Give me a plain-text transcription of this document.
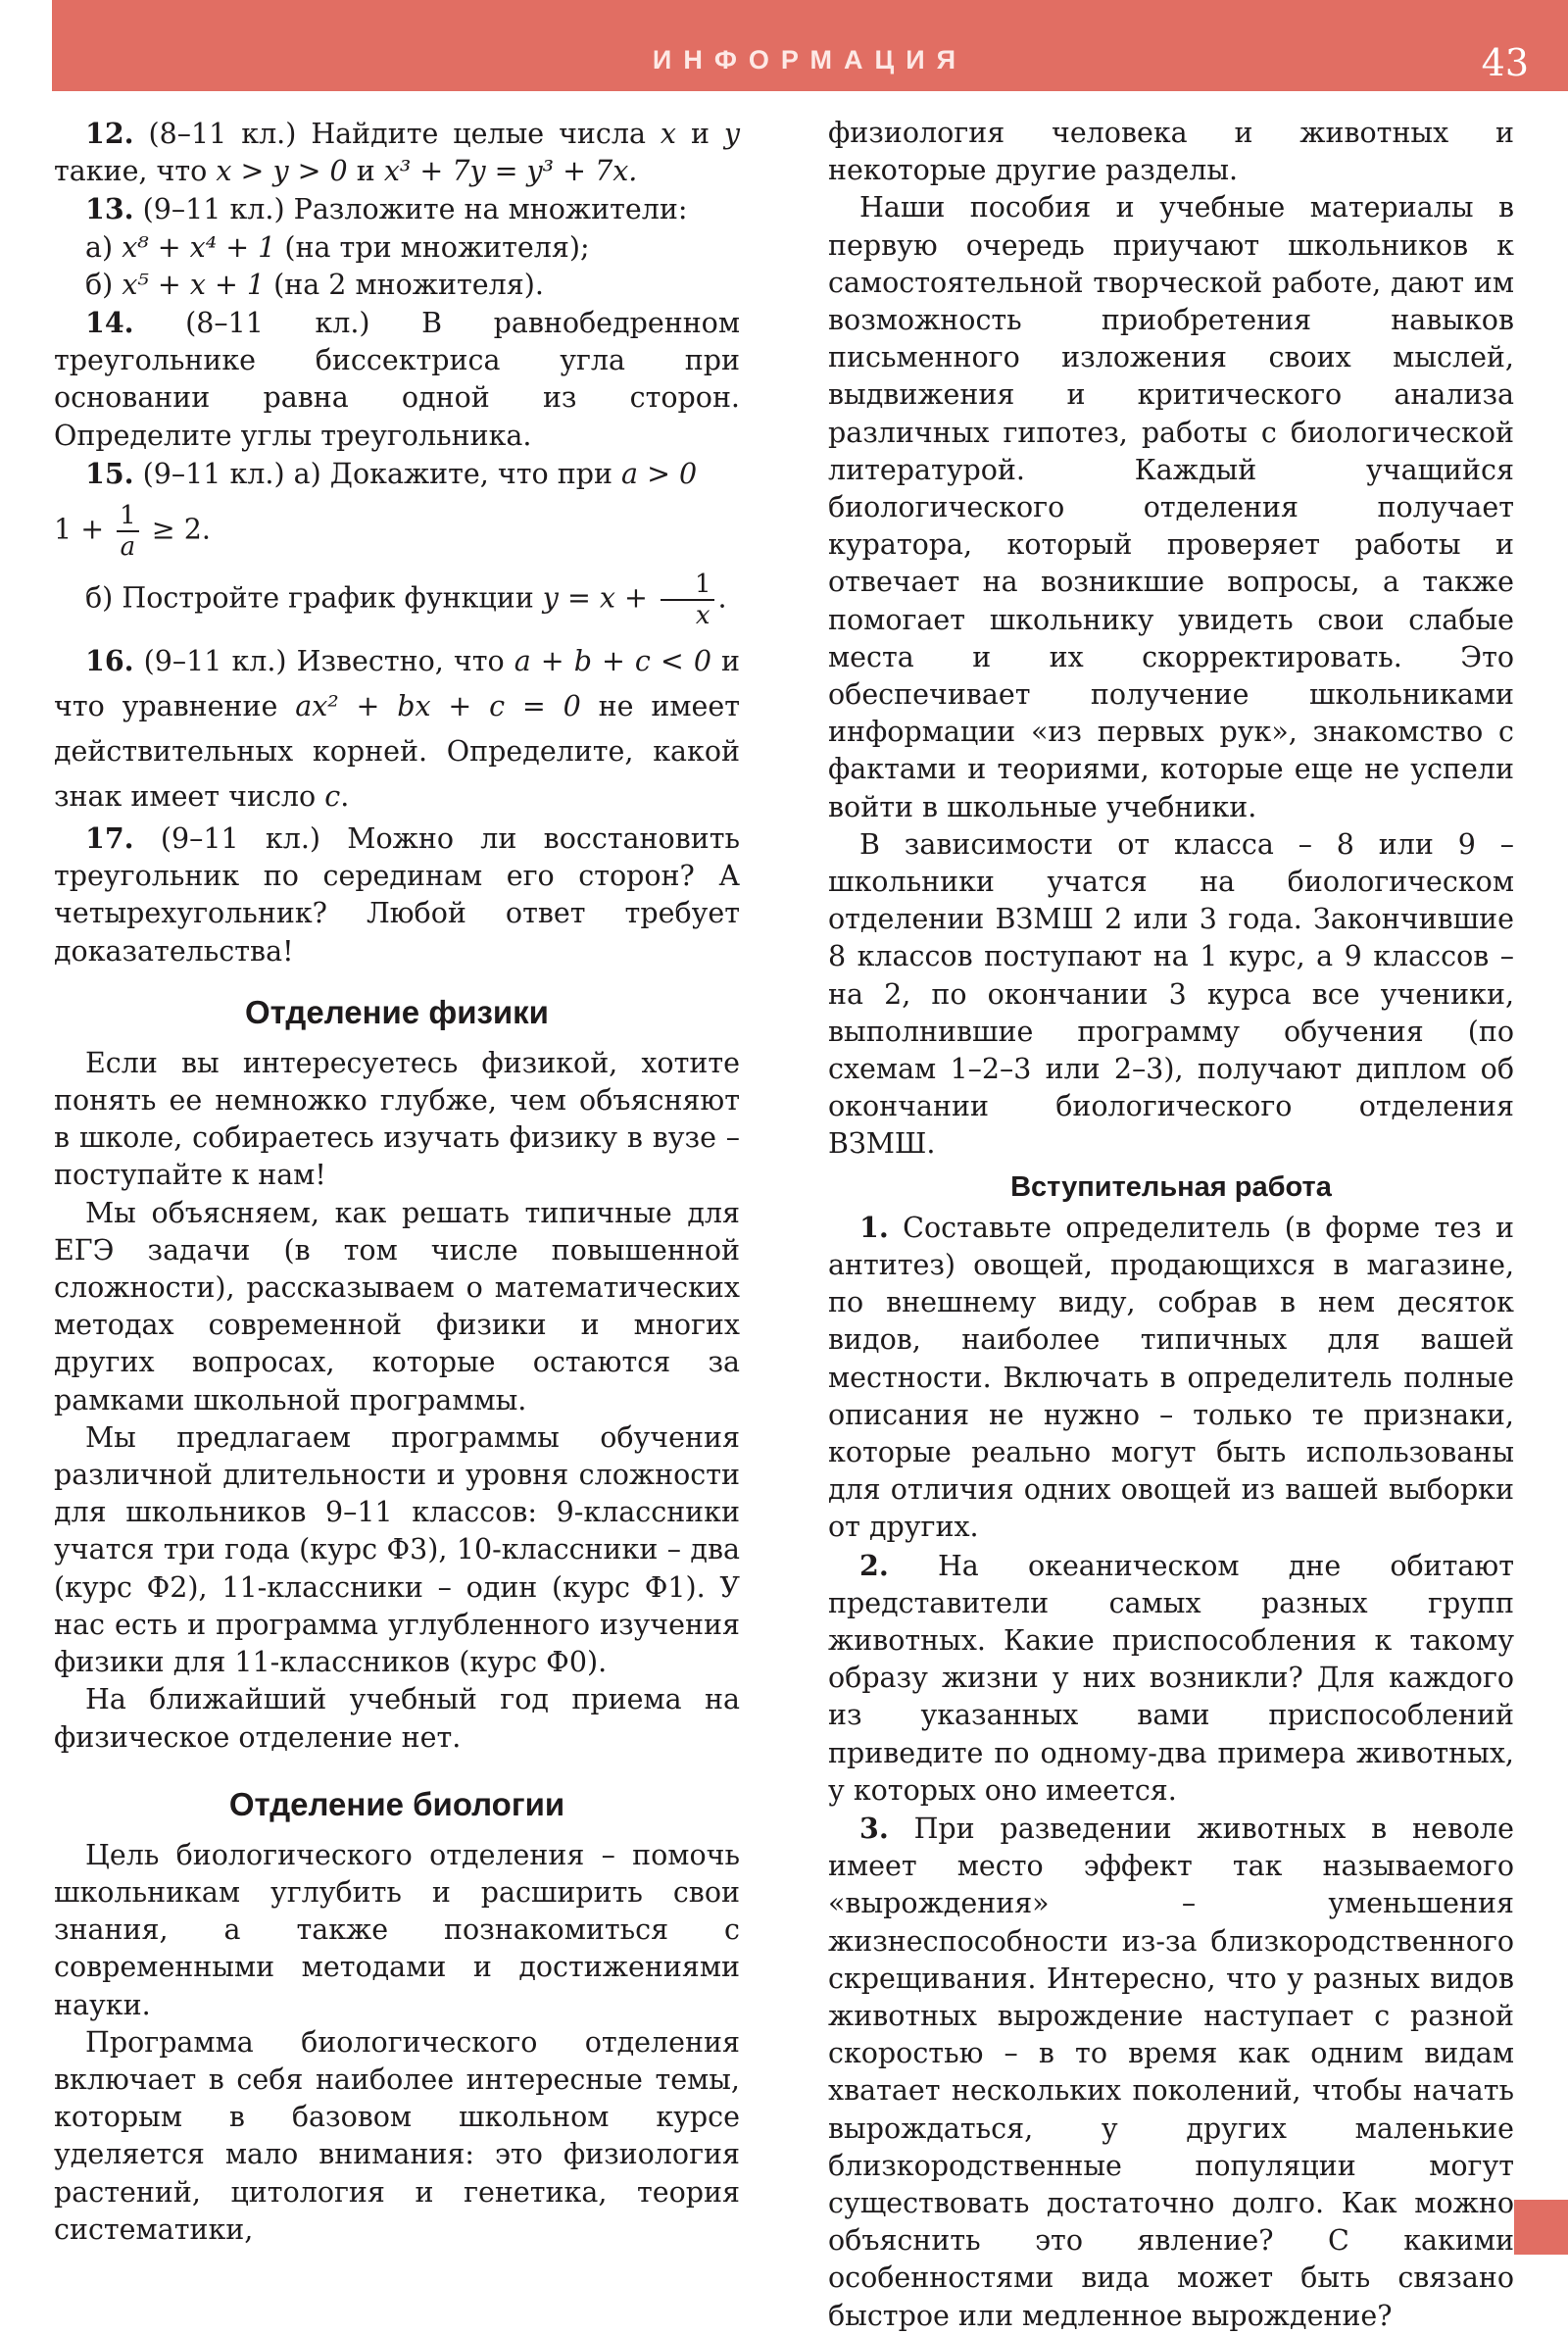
ИНФОРМАЦИЯ	43

12. (8–11 кл.) Найдите целые числа x и y такие, что x > y > 0 и x³ + 7y = y³ + 7x.

13. (9–11 кл.) Разложите на множители:

а) x⁸ + x⁴ + 1 (на три множителя);

б) x⁵ + x + 1 (на 2 множителя).

14. (8–11 кл.) В равнобедренном треугольнике биссектриса угла при основании равна одной из сторон. Определите углы треугольника.

15. (9–11 кл.) а) Докажите, что при a > 0

$1 + \frac{1}{a} \ge 2$.

б) Постройте график функции $y = x + \frac{1}{x}$ .

16. (9–11 кл.) Известно, что a + b + c < 0 и что уравнение ax² + bx + c = 0 не имеет действительных корней. Определите, какой знак имеет число c.

17. (9–11 кл.) Можно ли восстановить треугольник по серединам его сторон? А четырехугольник? Любой ответ требует доказательства!

Отделение физики

Если вы интересуетесь физикой, хотите понять ее немножко глубже, чем объясняют в школе, собираетесь изучать физику в вузе – поступайте к нам!

Мы объясняем, как решать типичные для ЕГЭ задачи (в том числе повышенной сложности), рассказываем о математических методах современной физики и многих других вопросах, которые остаются за рамками школьной программы.

Мы предлагаем программы обучения различной длительности и уровня сложности для школьников 9–11 классов: 9-классники учатся три года (курс Ф3), 10-классники – два (курс Ф2), 11-классники – один (курс Ф1). У нас есть и программа углубленного изучения физики для 11-классников (курс Ф0).

На ближайший учебный год приема на физическое отделение нет.

Отделение биологии

Цель биологического отделения – помочь школьникам углубить и расширить свои знания, а также познакомиться с современными методами и достижениями науки.

Программа биологического отделения включает в себя наиболее интересные темы, которым в базовом школьном курсе уделяется мало внимания: это физиология растений, цитология и генетика, теория систематики,

физиология человека и животных и некоторые другие разделы.

Наши пособия и учебные материалы в первую очередь приучают школьников к самостоятельной творческой работе, дают им возможность приобретения навыков письменного изложения своих мыслей, выдвижения и критического анализа различных гипотез, работы с биологической литературой. Каждый учащийся биологического отделения получает куратора, который проверяет работы и отвечает на возникшие вопросы, а также помогает школьнику увидеть свои слабые места и их скорректировать. Это обеспечивает получение школьниками информации «из первых рук», знакомство с фактами и теориями, которые еще не успели войти в школьные учебники.

В зависимости от класса – 8 или 9 – школьники учатся на биологическом отделении ВЗМШ 2 или 3 года. Закончившие 8 классов поступают на 1 курс, а 9 классов – на 2, по окончании 3 курса все ученики, выполнившие программу обучения (по схемам 1–2–3 или 2–3), получают диплом об окончании биологического отделения ВЗМШ.

Вступительная работа

1. Составьте определитель (в форме тез и антитез) овощей, продающихся в магазине, по внешнему виду, собрав в нем десяток видов, наиболее типичных для вашей местности. Включать в определитель полные описания не нужно – только те признаки, которые реально могут быть использованы для отличия одних овощей из вашей выборки от других.

2. На океаническом дне обитают представители самых разных групп животных. Какие приспособления к такому образу жизни у них возникли? Для каждого из указанных вами приспособлений приведите по одному-два примера животных, у которых оно имеется.

3. При разведении животных в неволе имеет место эффект так называемого «вырождения» – уменьшения жизнеспособности из-за близкородственного скрещивания. Интересно, что у разных видов животных вырождение наступает с разной скоростью – в то время как одним видам хватает нескольких поколений, чтобы начать вырождаться, у других маленькие близкородственные популяции могут существовать достаточно долго. Как можно объяснить это явление? С какими особенностями вида может быть связано быстрое или медленное вырождение?
